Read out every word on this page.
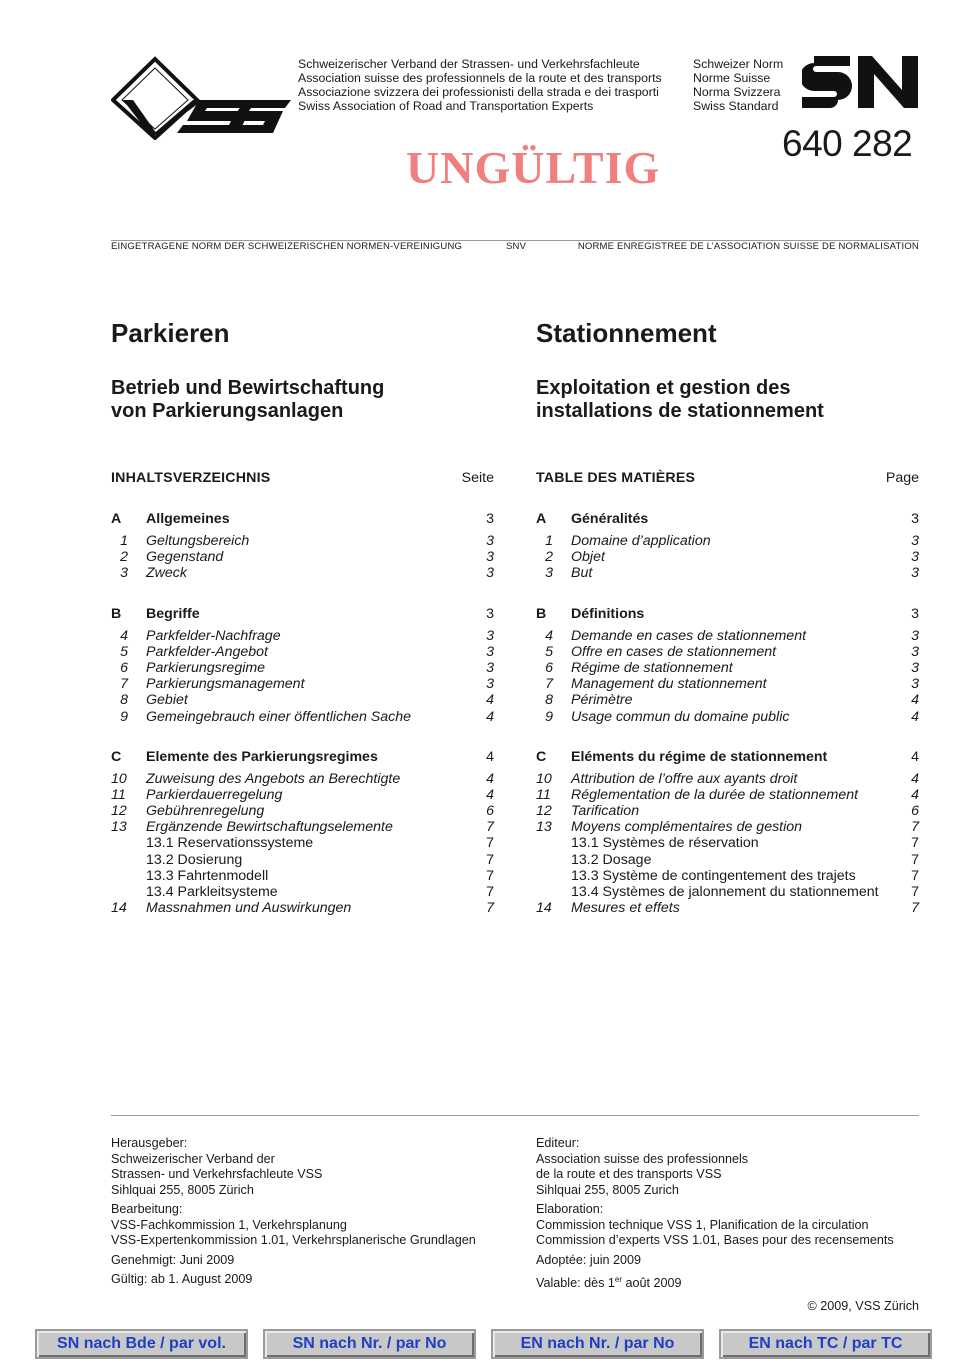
Schweizerischer Verband der Strassen- und Verkehrsfachleute
Association suisse des professionnels de la route et des transports
Associazione svizzera dei professionisti della strada e dei trasporti
Swiss Association of Road and Transportation Experts
Schweizer Norm
Norme Suisse
Norma Svizzera
Swiss Standard
640 282
UNGÜLTIG
EINGETRAGENE NORM DER SCHWEIZERISCHEN NORMEN-VEREINIGUNG	SNV	NORME ENREGISTREE DE L’ASSOCIATION SUISSE DE NORMALISATION
Parkieren	Stationnement
Betrieb und Bewirtschaftung
von Parkierungsanlagen
Exploitation et gestion des
installations de stationnement
INHALTSVERZEICHNIS	Seite
A	Allgemeines	3
1	Geltungsbereich	3
2	Gegenstand	3
3	Zweck	3
B	Begriffe	3
4	Parkfelder-Nachfrage	3
5	Parkfelder-Angebot	3
6	Parkierungsregime	3
7	Parkierungsmanagement	3
8	Gebiet	4
9	Gemeingebrauch einer öffentlichen Sache	4
C	Elemente des Parkierungsregimes	4
10	Zuweisung des Angebots an Berechtigte	4
11	Parkierdauerregelung	4
12	Gebührenregelung	6
13	Ergänzende Bewirtschaftungselemente	7
13.1 Reservationssysteme	7
13.2 Dosierung	7
13.3 Fahrtenmodell	7
13.4 Parkleitsysteme	7
14	Massnahmen und Auswirkungen	7
TABLE DES MATIÈRES	Page
A	Généralités	3
1	Domaine d’application	3
2	Objet	3
3	But	3
B	Définitions	3
4	Demande en cases de stationnement	3
5	Offre en cases de stationnement	3
6	Régime de stationnement	3
7	Management du stationnement	3
8	Périmètre	4
9	Usage commun du domaine public	4
C	Eléments du régime de stationnement	4
10	Attribution de l’offre aux ayants droit	4
11	Réglementation de la durée de stationnement	4
12	Tarification	6
13	Moyens complémentaires de gestion	7
13.1 Systèmes de réservation	7
13.2 Dosage	7
13.3 Système de contingentement des trajets	7
13.4 Systèmes de jalonnement du stationnement	7
14	Mesures et effets	7

Herausgeber:

Schweizerischer Verband der

Strassen- und Verkehrsfachleute VSS

Sihlquai 255, 8005 Zürich

Bearbeitung:

VSS-Fachkommission 1, Verkehrsplanung

VSS-Expertenkommission 1.01, Verkehrsplanerische Grundlagen

Genehmigt: Juni 2009

Gültig: ab 1. August 2009

Editeur:

Association suisse des professionnels

de la route et des transports VSS

Sihlquai 255, 8005 Zurich

Elaboration:

Commission technique VSS 1, Planification de la circulation

Commission d’experts VSS 1.01, Bases pour des recensements

Adoptée: juin 2009

Valable: dès 1er août 2009

© 2009, VSS Zürich
SN nach Bde / par vol.	SN nach Nr. / par No	EN nach Nr. / par No	EN nach TC / par TC
